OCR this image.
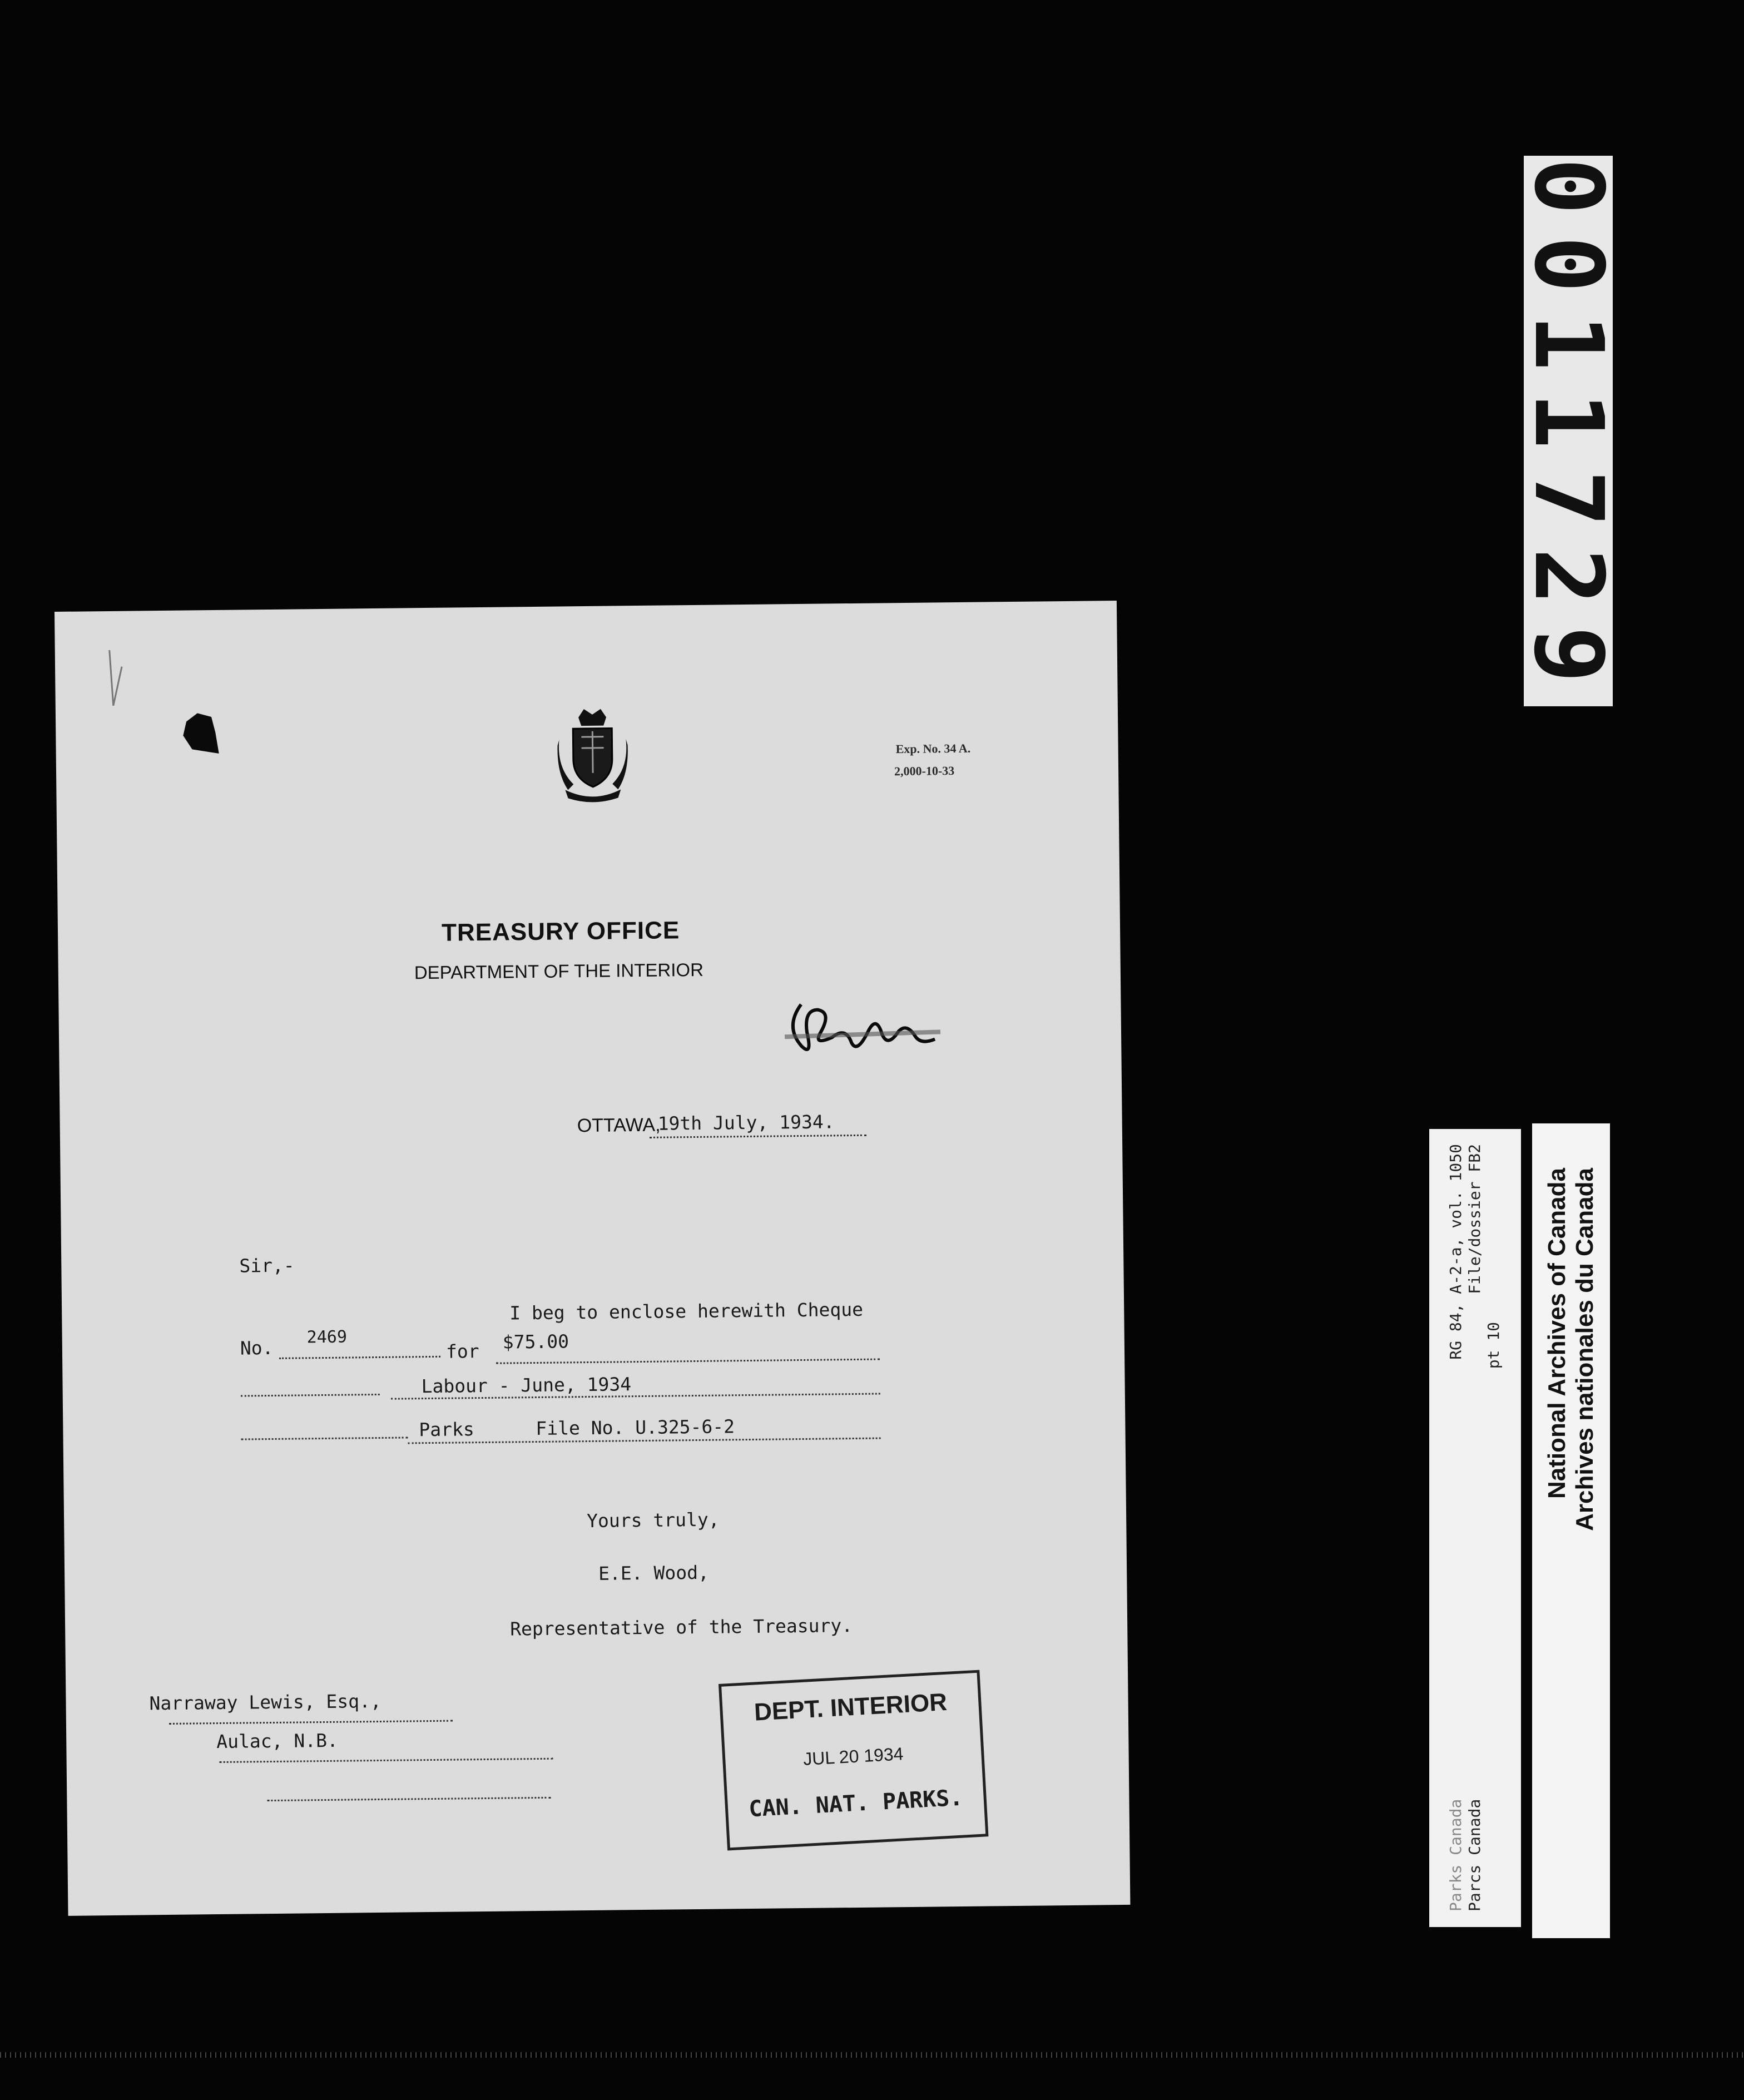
Exp. No. 34 A.
2,000-10-33
TREASURY OFFICE
DEPARTMENT OF THE INTERIOR
OTTAWA,
19th July, 1934.
Sir,-
I beg to enclose herewith Cheque
No. 2469
for $75.00
Labour - June, 1934
Parks	File No. U.325-6-2
Yours truly,
E.E. Wood,
Representative of the Treasury.
Narraway Lewis, Esq.,
Aulac, N.B.
DEPT. INTERIOR
JUL 20 1934
CAN. NAT. PARKS.
0011729
Parks Canada
RG 84, A-2-a, vol. 1050
Parcs Canada
File/dossier FB2
pt 10 National Archives of Canada Archives nationales du Canada
